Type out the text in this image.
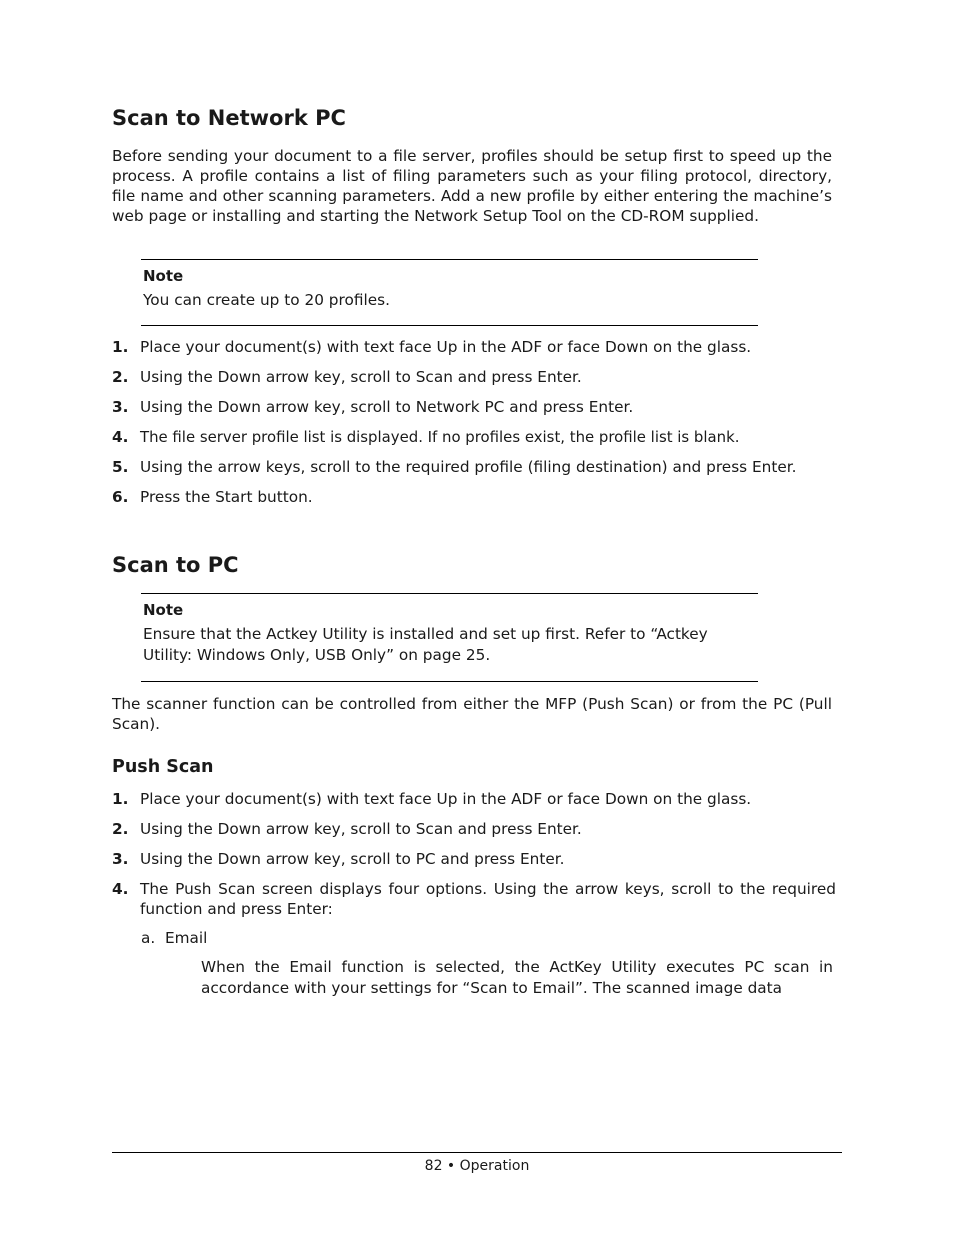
Scan to Network PC

Before sending your document to a file server, profiles should be setup first to speed up the process. A profile contains a list of filing parameters such as your filing protocol, directory, file name and other scanning parameters. Add a new profile by either entering the machine’s web page or installing and starting the Network Setup Tool on the CD-ROM supplied.

Note
You can create up to 20 profiles.
1. Place your document(s) with text face Up in the ADF or face Down on the glass.
2. Using the Down arrow key, scroll to Scan and press Enter.
3. Using the Down arrow key, scroll to Network PC and press Enter.
4. The file server profile list is displayed. If no profiles exist, the profile list is blank.
5. Using the arrow keys, scroll to the required profile (filing destination) and press Enter.
6. Press the Start button.
Scan to PC
Note
Ensure that the Actkey Utility is installed and set up first. Refer to “Actkey Utility: Windows Only, USB Only” on page 25.

The scanner function can be controlled from either the MFP (Push Scan) or from the PC (Pull Scan).

Push Scan
1. Place your document(s) with text face Up in the ADF or face Down on the glass.
2. Using the Down arrow key, scroll to Scan and press Enter.
3. Using the Down arrow key, scroll to PC and press Enter.
4. The Push Scan screen displays four options. Using the arrow keys, scroll to the required function and press Enter:
a.  Email

When the Email function is selected, the ActKey Utility executes PC scan in accordance with your settings for “Scan to Email”. The scanned image data

82 • Operation
